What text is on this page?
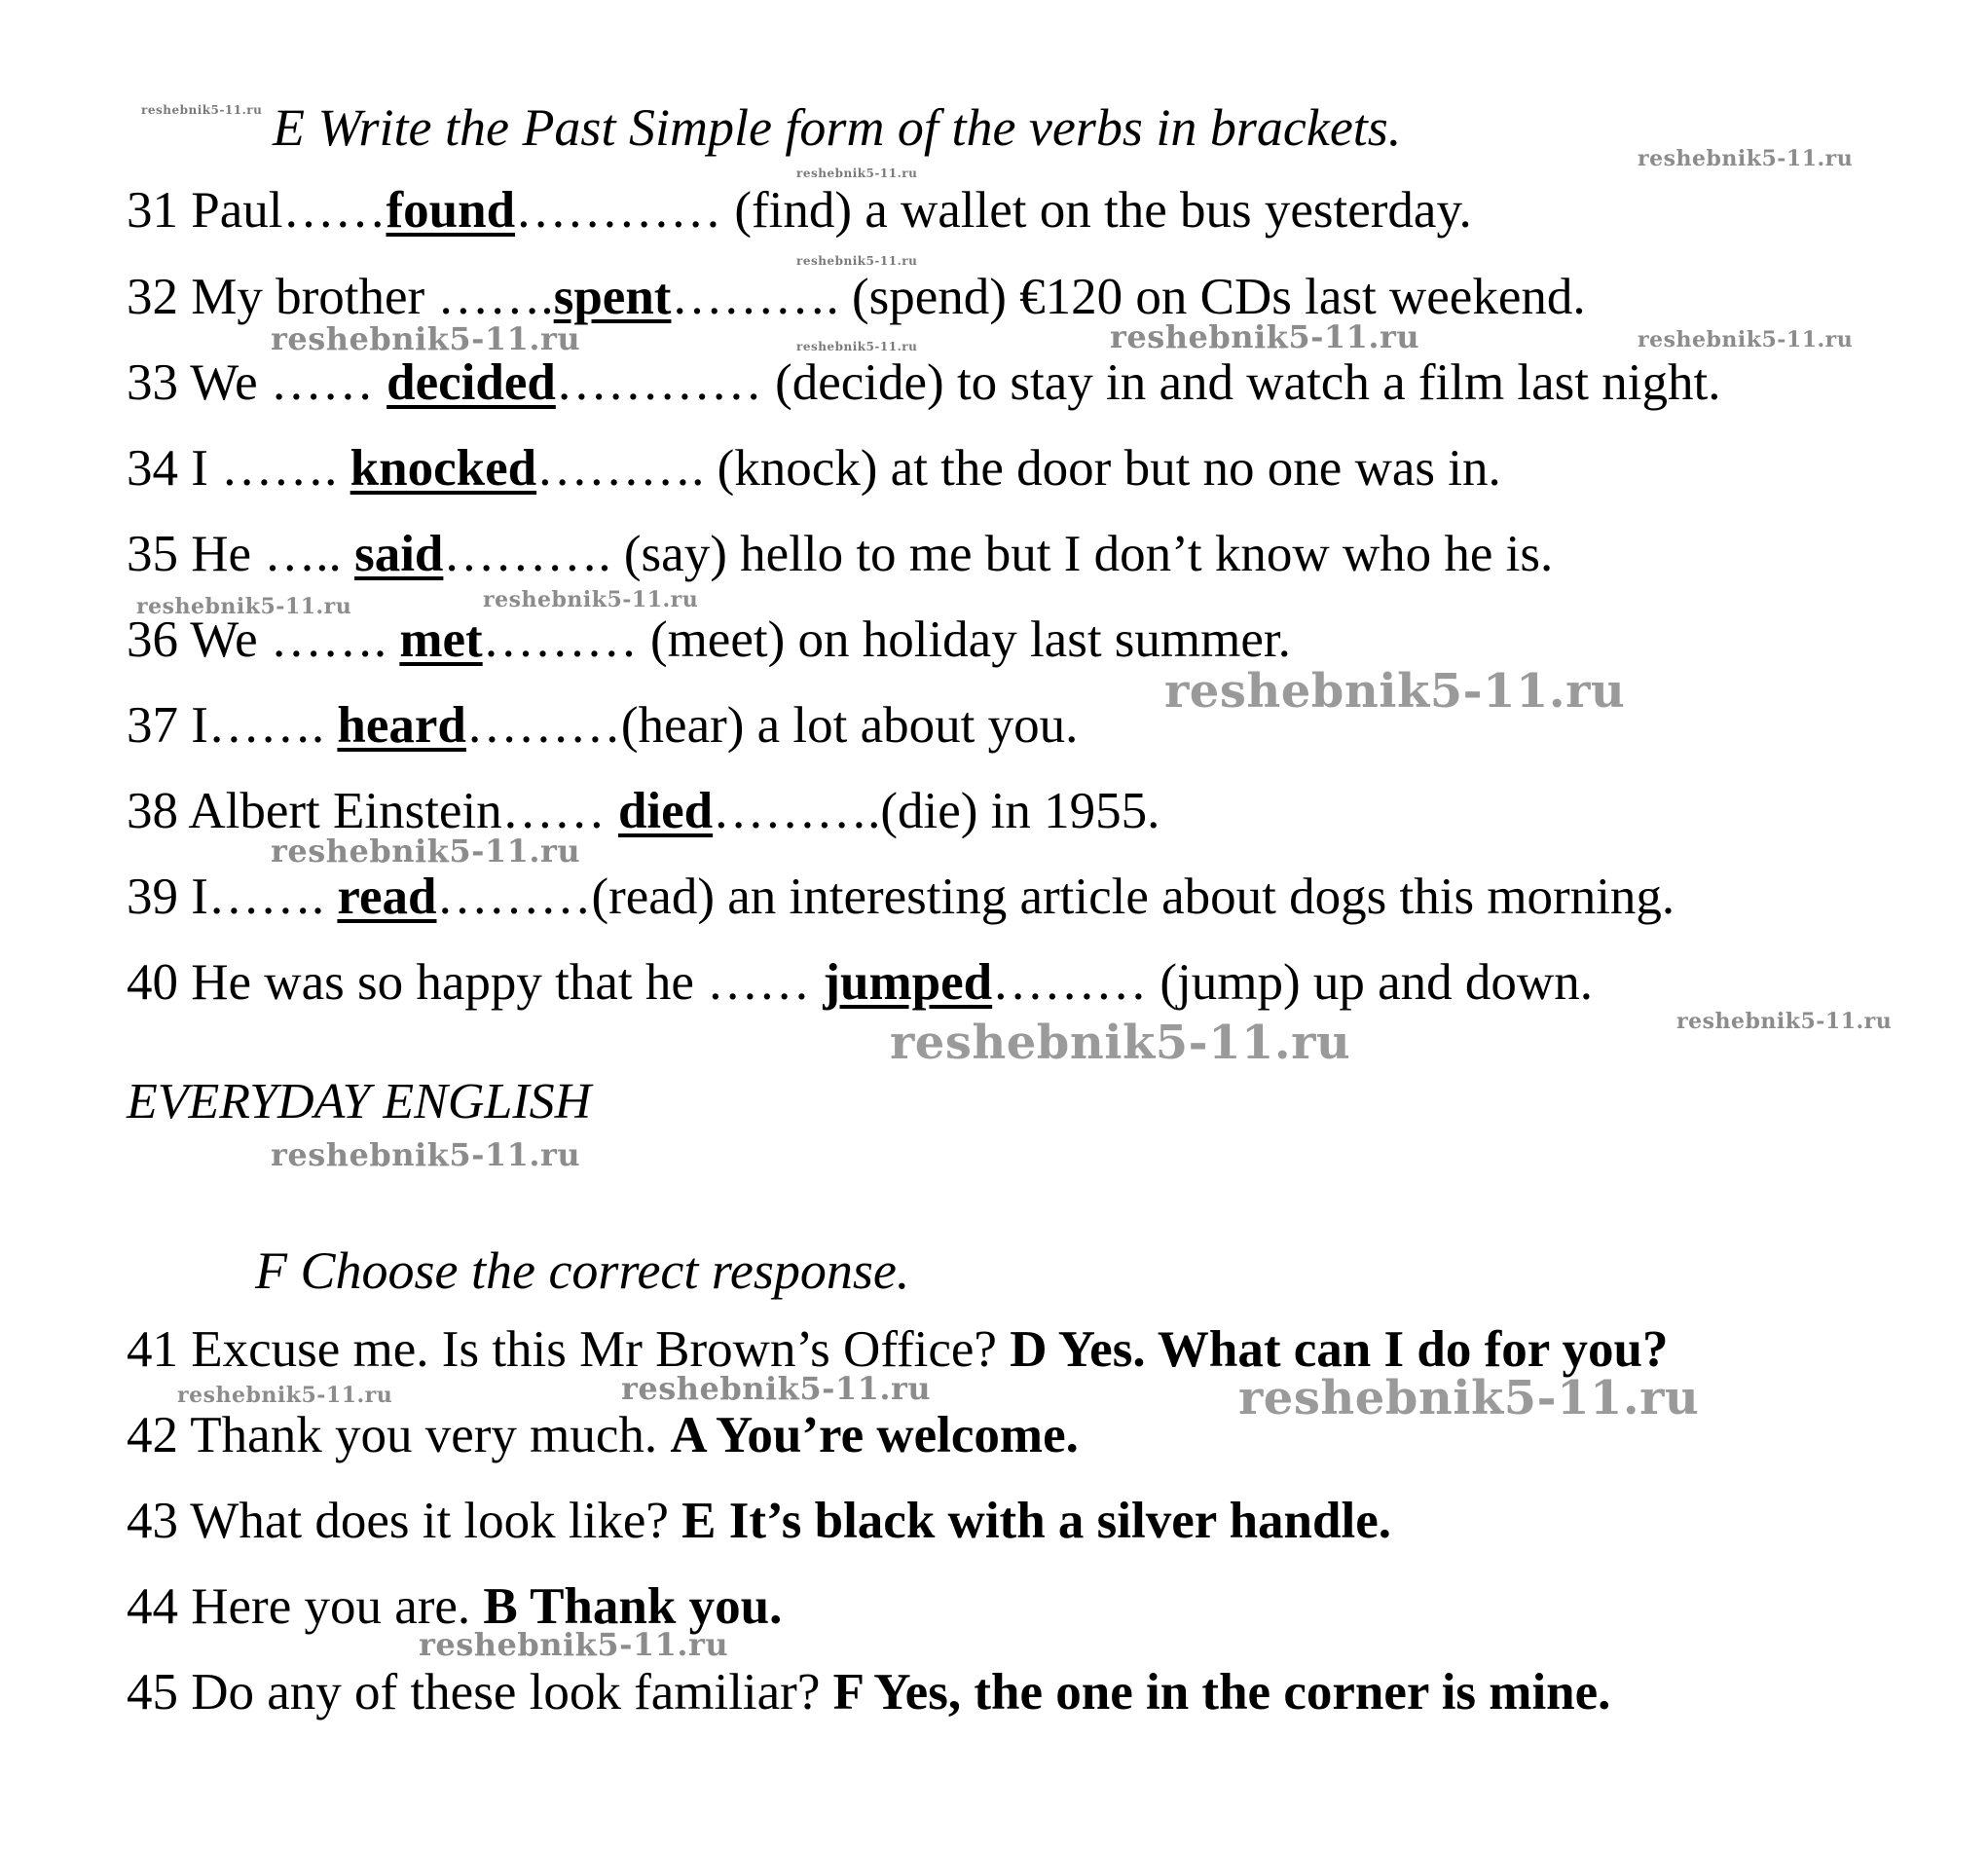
E Write the Past Simple form of the verbs in brackets.
31 Paul……found………… (find) a wallet on the bus yesterday.
32 My brother …….spent………. (spend) €120 on CDs last weekend.
33 We …… decided………… (decide) to stay in and watch a film last night.
34 I ……. knocked………. (knock) at the door but no one was in.
35 He ….. said………. (say) hello to me but I don’t know who he is.
36 We ……. met……… (meet) on holiday last summer.
37 I……. heard………(hear) a lot about you.
38 Albert Einstein…… died……….(die) in 1955.
39 I……. read………(read) an interesting article about dogs this morning.
40 He was so happy that he …… jumped……… (jump) up and down.
EVERYDAY ENGLISH
F Choose the correct response.
41 Excuse me. Is this Mr Brown’s Office? D Yes. What can I do for you?
42 Thank you very much. A You’re welcome.
43 What does it look like? E It’s black with a silver handle.
44 Here you are. B Thank you.
45 Do any of these look familiar? F Yes, the one in the corner is mine.
reshebnik5-11.ru
reshebnik5-11.ru
reshebnik5-11.ru
reshebnik5-11.ru
reshebnik5-11.ru	reshebnik5-11.ru	reshebnik5-11.ru	reshebnik5-11.ru
reshebnik5-11.ru	reshebnik5-11.ru
reshebnik5-11.ru
reshebnik5-11.ru
reshebnik5-11.ru	reshebnik5-11.ru
reshebnik5-11.ru
reshebnik5-11.ru	reshebnik5-11.ru	reshebnik5-11.ru
reshebnik5-11.ru
